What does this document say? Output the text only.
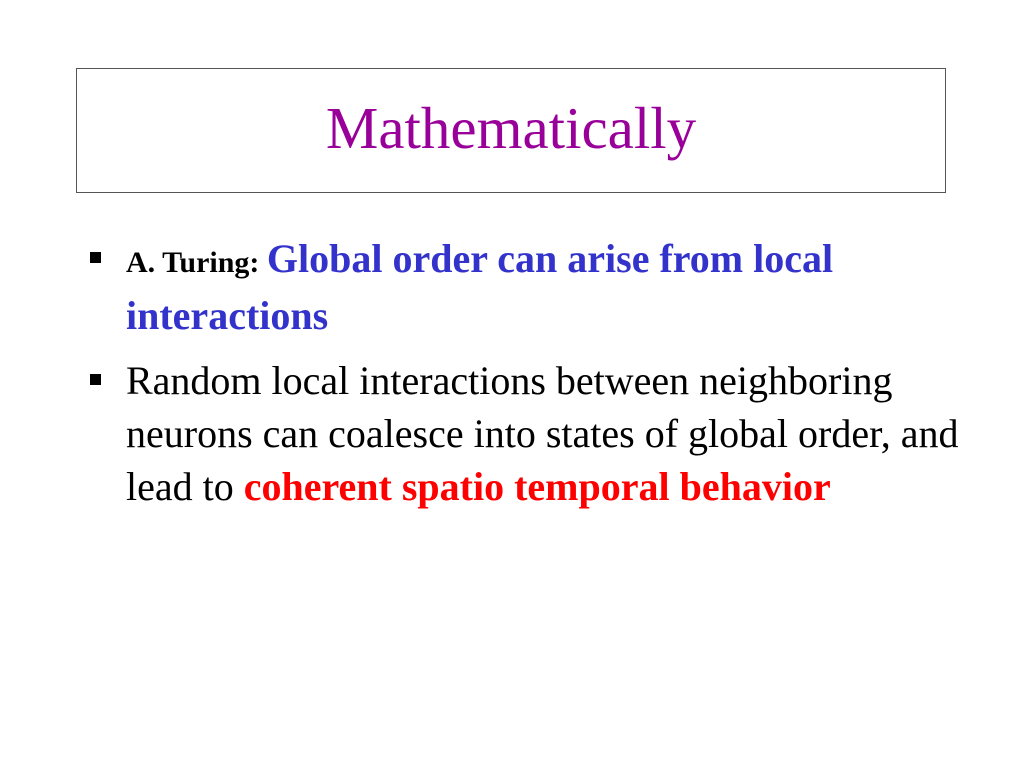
Mathematically
A. Turing: Global order can arise from local interactions
Random local interactions between neighboring neurons can coalesce into states of global order, and lead to coherent spatio temporal behavior
